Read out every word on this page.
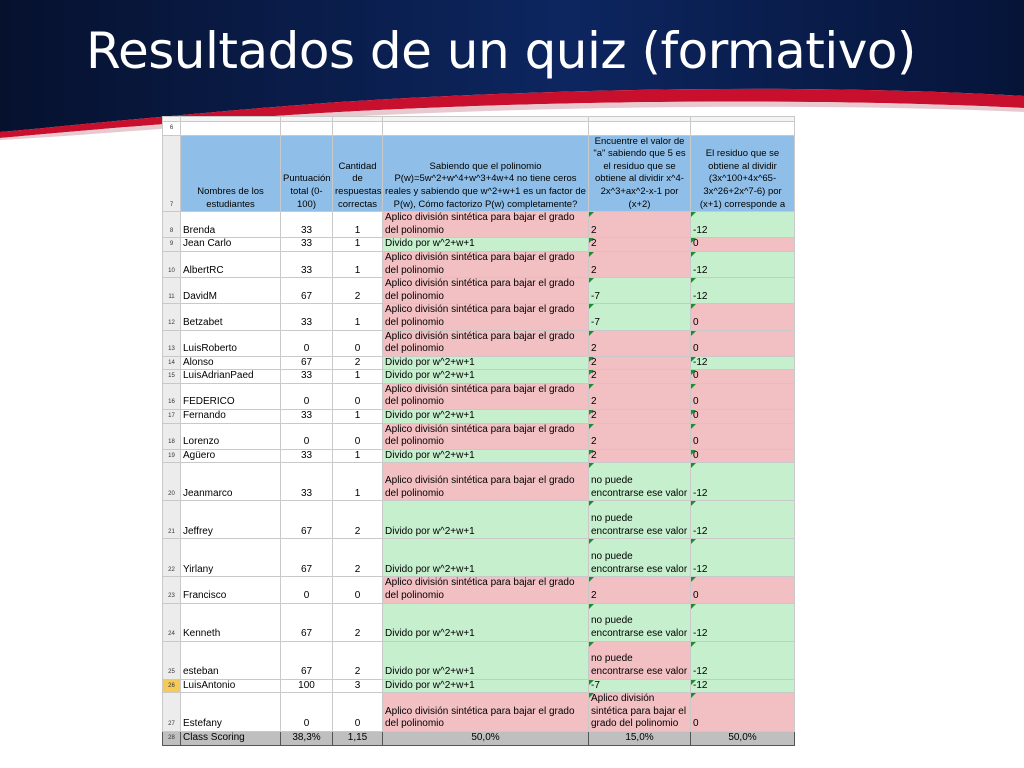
Resultados de un quiz (formativo)

6						
7	Nombres de los estudiantes	Puntuación total (0-100)	Cantidad de respuestas correctas	Sabiendo que el polinomio P(w)=5w^2+w^4+w^3+4w+4 no tiene ceros reales y sabiendo que w^2+w+1 es un factor de P(w), Cómo factorizo P(w) completamente?	Encuentre el valor de "a" sabiendo que 5 es el residuo que se obtiene al dividir x^4-2x^3+ax^2-x-1 por (x+2)	El residuo que se obtiene al dividir (3x^100+4x^65-3x^26+2x^7-6) por (x+1) corresponde a
8	Brenda	33	1	Aplico división sintética para bajar el grado del polinomio	2	-12
9	Jean Carlo	33	1	Divido por w^2+w+1	2	0
10	AlbertRC	33	1	Aplico división sintética para bajar el grado del polinomio	2	-12
11	DavidM	67	2	Aplico división sintética para bajar el grado del polinomio	-7	-12
12	Betzabet	33	1	Aplico división sintética para bajar el grado del polinomio	-7	0
13	LuisRoberto	0	0	Aplico división sintética para bajar el grado del polinomio	2	0
14	Alonso	67	2	Divido por w^2+w+1	2	-12
15	LuisAdrianPaed	33	1	Divido por w^2+w+1	2	0
16	FEDERICO	0	0	Aplico división sintética para bajar el grado del polinomio	2	0
17	Fernando	33	1	Divido por w^2+w+1	2	0
18	Lorenzo	0	0	Aplico división sintética para bajar el grado del polinomio	2	0
19	Agüero	33	1	Divido por w^2+w+1	2	0
20	Jeanmarco	33	1	Aplico división sintética para bajar el grado del polinomio	no puede encontrarse ese valor	-12
21	Jeffrey	67	2	Divido por w^2+w+1	no puede encontrarse ese valor	-12
22	Yirlany	67	2	Divido por w^2+w+1	no puede encontrarse ese valor	-12
23	Francisco	0	0	Aplico división sintética para bajar el grado del polinomio	2	0
24	Kenneth	67	2	Divido por w^2+w+1	no puede encontrarse ese valor	-12
25	esteban	67	2	Divido por w^2+w+1	no puede encontrarse ese valor	-12
26	LuisAntonio	100	3	Divido por w^2+w+1	-7	-12
27	Estefany	0	0	Aplico división sintética para bajar el grado del polinomio	Aplico división sintética para bajar el grado del polinomio	0
28	Class Scoring	38,3%	1,15	50,0%	15,0%	50,0%
